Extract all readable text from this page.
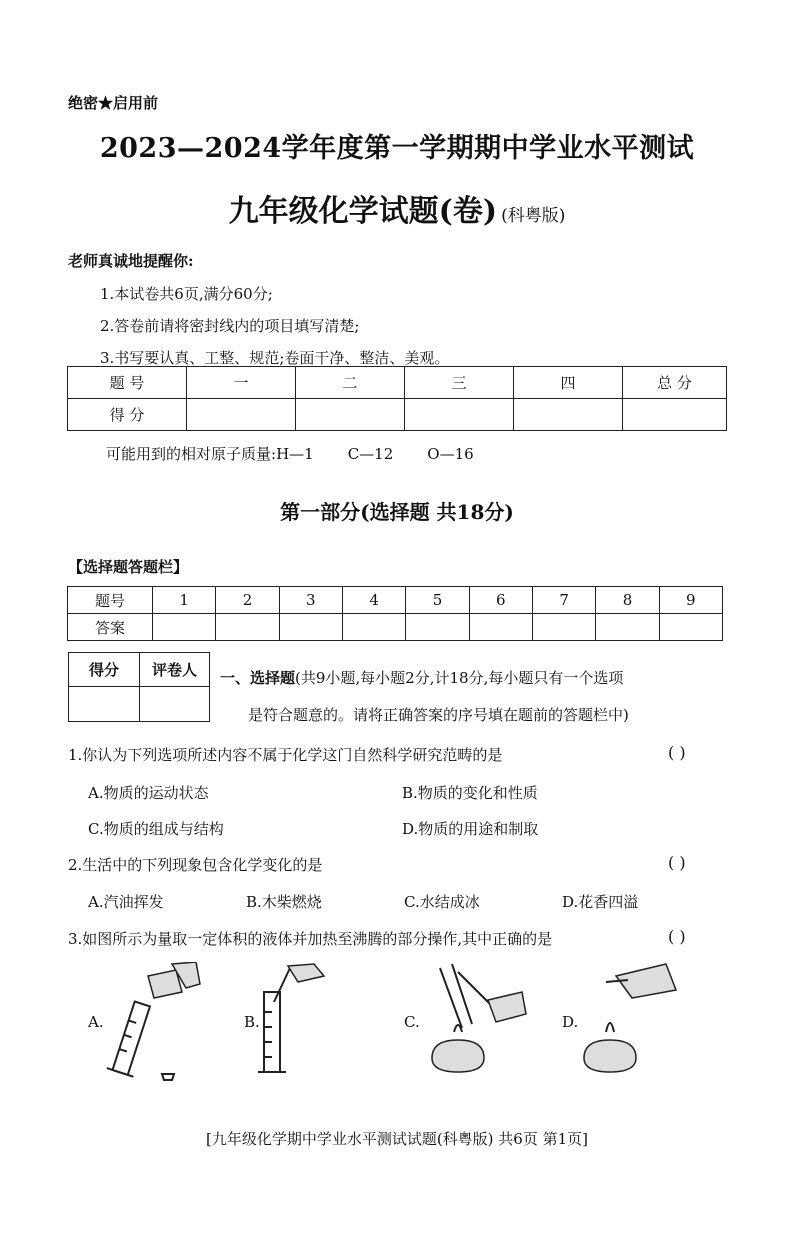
绝密★启用前
2023—2024学年度第一学期期中学业水平测试
九年级化学试题(卷) (科粤版)
老师真诚地提醒你:
1.本试卷共6页,满分60分;
2.答卷前请将密封线内的项目填写清楚;
3.书写要认真、工整、规范;卷面干净、整洁、美观。
题 号	一	二	三	四	总 分
得 分					
可能用到的相对原子质量:H—1 C—12 O—16
第一部分(选择题 共18分)
【选择题答题栏】
题号	1	2	3	4	5	6	7	8	9
答案									
得分	评卷人
	一、选择题(共9小题,每小题2分,计18分,每小题只有一个选项
是符合题意的。请将正确答案的序号填在题前的答题栏中)
1.你认为下列选项所述内容不属于化学这门自然科学研究范畴的是	( )
A.物质的运动状态	B.物质的变化和性质
C.物质的组成与结构	D.物质的用途和制取
2.生活中的下列现象包含化学变化的是	( )
A.汽油挥发	B.木柴燃烧	C.水结成冰	D.花香四溢
3.如图所示为量取一定体积的液体并加热至沸腾的部分操作,其中正确的是	( )
A.	B.	C.	D.
[九年级化学期中学业水平测试试题(科粤版) 共6页 第1页]
